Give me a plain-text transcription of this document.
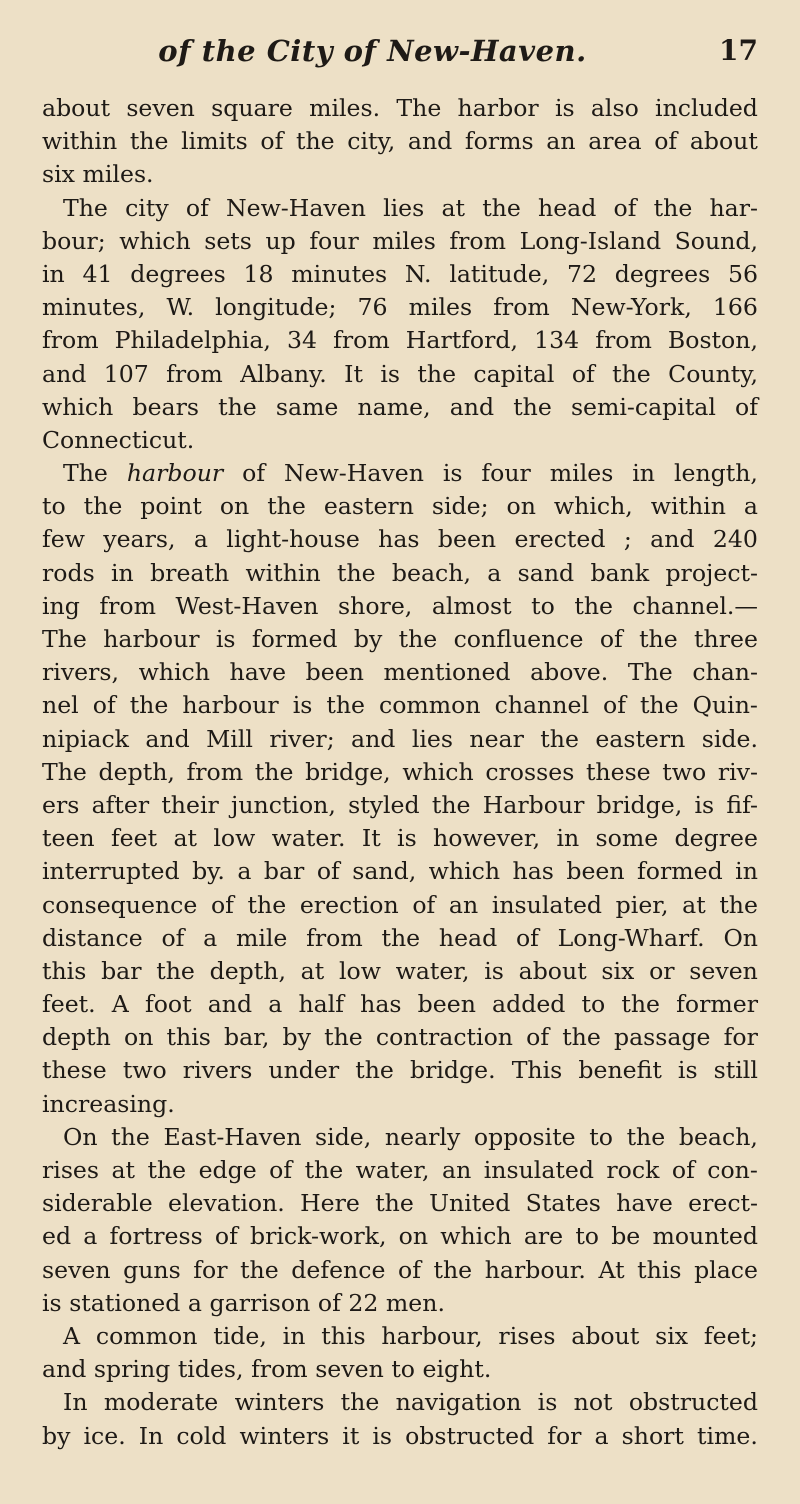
of the City of New-Haven.	17
about seven square miles. The harbor is also included
within the limits of the city, and forms an area of about
six miles.
The city of New-Haven lies at the head of the har-
bour; which sets up four miles from Long-Island Sound,
in 41 degrees 18 minutes N. latitude, 72 degrees 56
minutes, W. longitude; 76 miles from New-York, 166
from Philadelphia, 34 from Hartford, 134 from Boston,
and 107 from Albany. It is the capital of the County,
which bears the same name, and the semi-capital of
Connecticut.
The harbour of New-Haven is four miles in length,
to the point on the eastern side; on which, within a
few years, a light-house has been erected ; and 240
rods in breath within the beach, a sand bank project-
ing from West-Haven shore, almost to the channel.—
The harbour is formed by the confluence of the three
rivers, which have been mentioned above. The chan-
nel of the harbour is the common channel of the Quin-
nipiack and Mill river; and lies near the eastern side.
The depth, from the bridge, which crosses these two riv-
ers after their junction, styled the Harbour bridge, is fif-
teen feet at low water. It is however, in some degree
interrupted by. a bar of sand, which has been formed in
consequence of the erection of an insulated pier, at the
distance of a mile from the head of Long-Wharf. On
this bar the depth, at low water, is about six or seven
feet. A foot and a half has been added to the former
depth on this bar, by the contraction of the passage for
these two rivers under the bridge. This benefit is still
increasing.
On the East-Haven side, nearly opposite to the beach,
rises at the edge of the water, an insulated rock of con-
siderable elevation. Here the United States have erect-
ed a fortress of brick-work, on which are to be mounted
seven guns for the defence of the harbour. At this place
is stationed a garrison of 22 men.
A common tide, in this harbour, rises about six feet;
and spring tides, from seven to eight.
In moderate winters the navigation is not obstructed
by ice. In cold winters it is obstructed for a short time.
